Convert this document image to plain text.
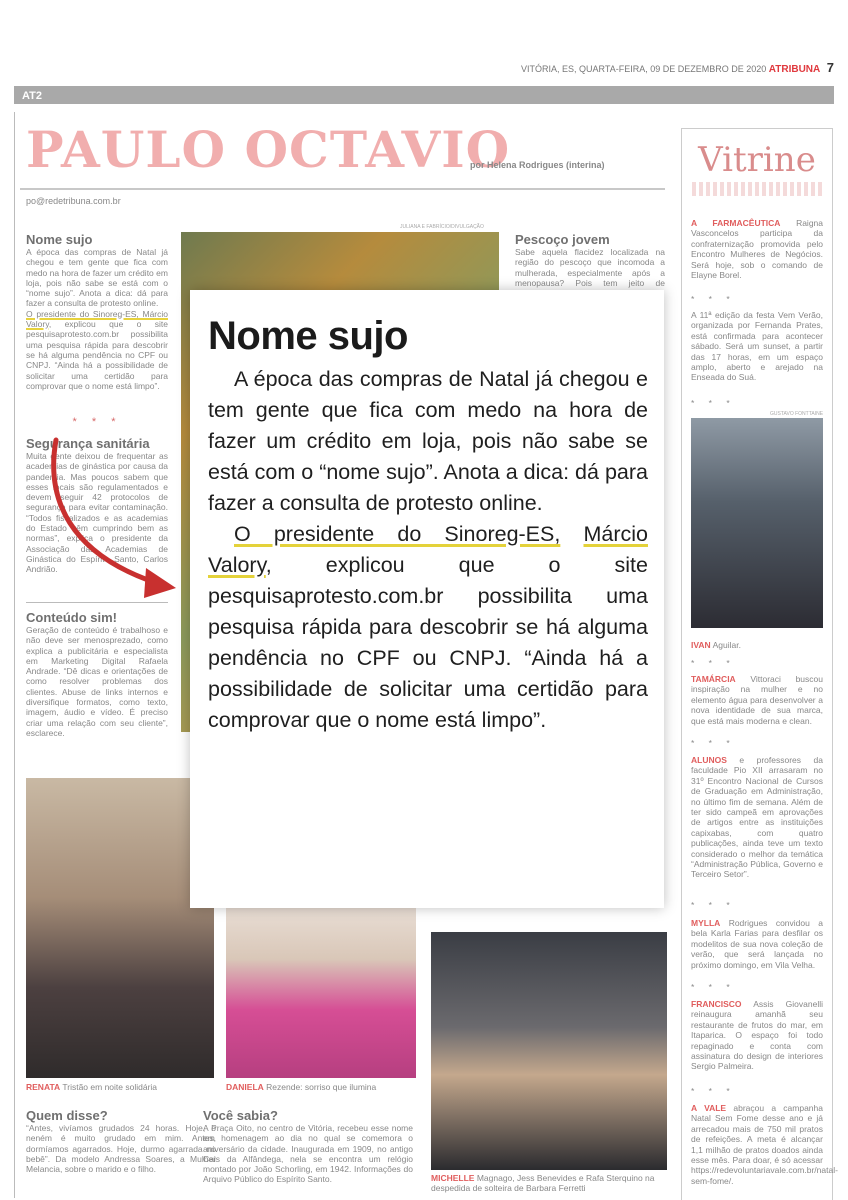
VITÓRIA, ES, QUARTA-FEIRA, 09 DE DEZEMBRO DE 2020 ATRIBUNA 7
AT2
PAULO OCTAVIO
por Helena Rodrigues (interina)
po@redetribuna.com.br
Nome sujo
A época das compras de Natal já chegou e tem gente que fica com medo na hora de fazer um crédito em loja, pois não sabe se está com o “nome sujo”. Anota a dica: dá para fazer a consulta de protesto online.
O presidente do Sinoreg-ES, Márcio Valory, explicou que o site pesquisaprotesto.com.br possibilita uma pesquisa rápida para descobrir se há alguma pendência no CPF ou CNPJ. “Ainda há a possibilidade de solicitar uma certidão para comprovar que o nome está limpo”.
* * *
Segurança sanitária
Muita gente deixou de frequentar as academias de ginástica por causa da pandemia. Mas poucos sabem que esses locais são regulamentados e devem seguir 42 protocolos de segurança para evitar contaminação. “Todos fiscalizados e as academias do Estado vêm cumprindo bem as normas”, explica o presidente da Associação das Academias de Ginástica do Espírito Santo, Carlos Andrião.
Conteúdo sim!
Geração de conteúdo é trabalhoso e não deve ser menosprezado, como explica a publicitária e especialista em Marketing Digital Rafaela Andrade. “Dê dicas e orientações de como resolver problemas dos clientes. Abuse de links internos e diversifique formatos, como texto, imagem, áudio e vídeo. É preciso criar uma relação com seu cliente”, esclarece.
JULIANA E FABRÍCIO/DIVULGAÇÃO
Pescoço jovem
Sabe aquela flacidez localizada na região do pescoço que incomoda a mulherada, especialmente após a menopausa? Pois tem jeito de
RENATA Tristão em noite solidária	DANIELA Rezende: sorriso que ilumina
MICHELLE Magnago, Jess Benevides e Rafa Sterquino na despedida de solteira de Barbara Ferretti
Quem disse?
“Antes, vivíamos grudados 24 horas. Hoje, o neném é muito grudado em mim. Antes, dormíamos agarrados. Hoje, durmo agarrada no bebê”. Da modelo Andressa Soares, a Mulher Melancia, sobre o marido e o filho.
Você sabia?
A Praça Oito, no centro de Vitória, recebeu esse nome em homenagem ao dia no qual se comemora o aniversário da cidade. Inaugurada em 1909, no antigo Cais da Alfândega, nela se encontra um relógio montado por João Schorling, em 1942. Informações do Arquivo Público do Espírito Santo.
Vitrine
A FARMACÊUTICA Raigna Vasconcelos participa da confraternização promovida pelo Encontro Mulheres de Negócios. Será hoje, sob o comando de Elayne Borel.
* * *
A 11ª edição da festa Vem Verão, organizada por Fernanda Prates, está confirmada para acontecer sábado. Será um sunset, a partir das 17 horas, em um espaço amplo, aberto e arejado na Enseada do Suá.
* * *
GUSTAVO FONTTAINE
IVAN Aguilar.
* * *
TAMÁRCIA Vittoraci buscou inspiração na mulher e no elemento água para desenvolver a nova identidade de sua marca, que está mais moderna e clean.
* * *
ALUNOS e professores da faculdade Pio XII arrasaram no 31º Encontro Nacional de Cursos de Graduação em Administração, no último fim de semana. Além de ter sido campeã em aprovações de artigos entre as instituições capixabas, com quatro publicações, ainda teve um texto considerado o melhor da temática “Administração Pública, Governo e Terceiro Setor”.
* * *
MYLLA Rodrigues convidou a bela Karla Farias para desfilar os modelitos de sua nova coleção de verão, que será lançada no próximo domingo, em Vila Velha.
* * *
FRANCISCO Assis Giovanelli reinaugura amanhã seu restaurante de frutos do mar, em Itaparica. O espaço foi todo repaginado e conta com assinatura do design de interiores Sergio Palmeira.
* * *
A VALE abraçou a campanha Natal Sem Fome desse ano e já arrecadou mais de 750 mil pratos de refeições. A meta é alcançar 1,1 milhão de pratos doados ainda esse mês. Para doar, é só acessar https://redevoluntariavale.com.br/natal-sem-fome/.
Nome sujo

A época das compras de Natal já chegou e tem gente que fica com medo na hora de fazer um crédito em loja, pois não sabe se está com o “nome sujo”. Anota a dica: dá para fazer a consulta de protesto online.

O presidente do Sinoreg-ES, Márcio Valory, explicou que o site pesquisaprotesto.com.br possibilita uma pesquisa rápida para descobrir se há alguma pendência no CPF ou CNPJ. “Ainda há a possibilidade de solicitar uma certidão para comprovar que o nome está limpo”.
